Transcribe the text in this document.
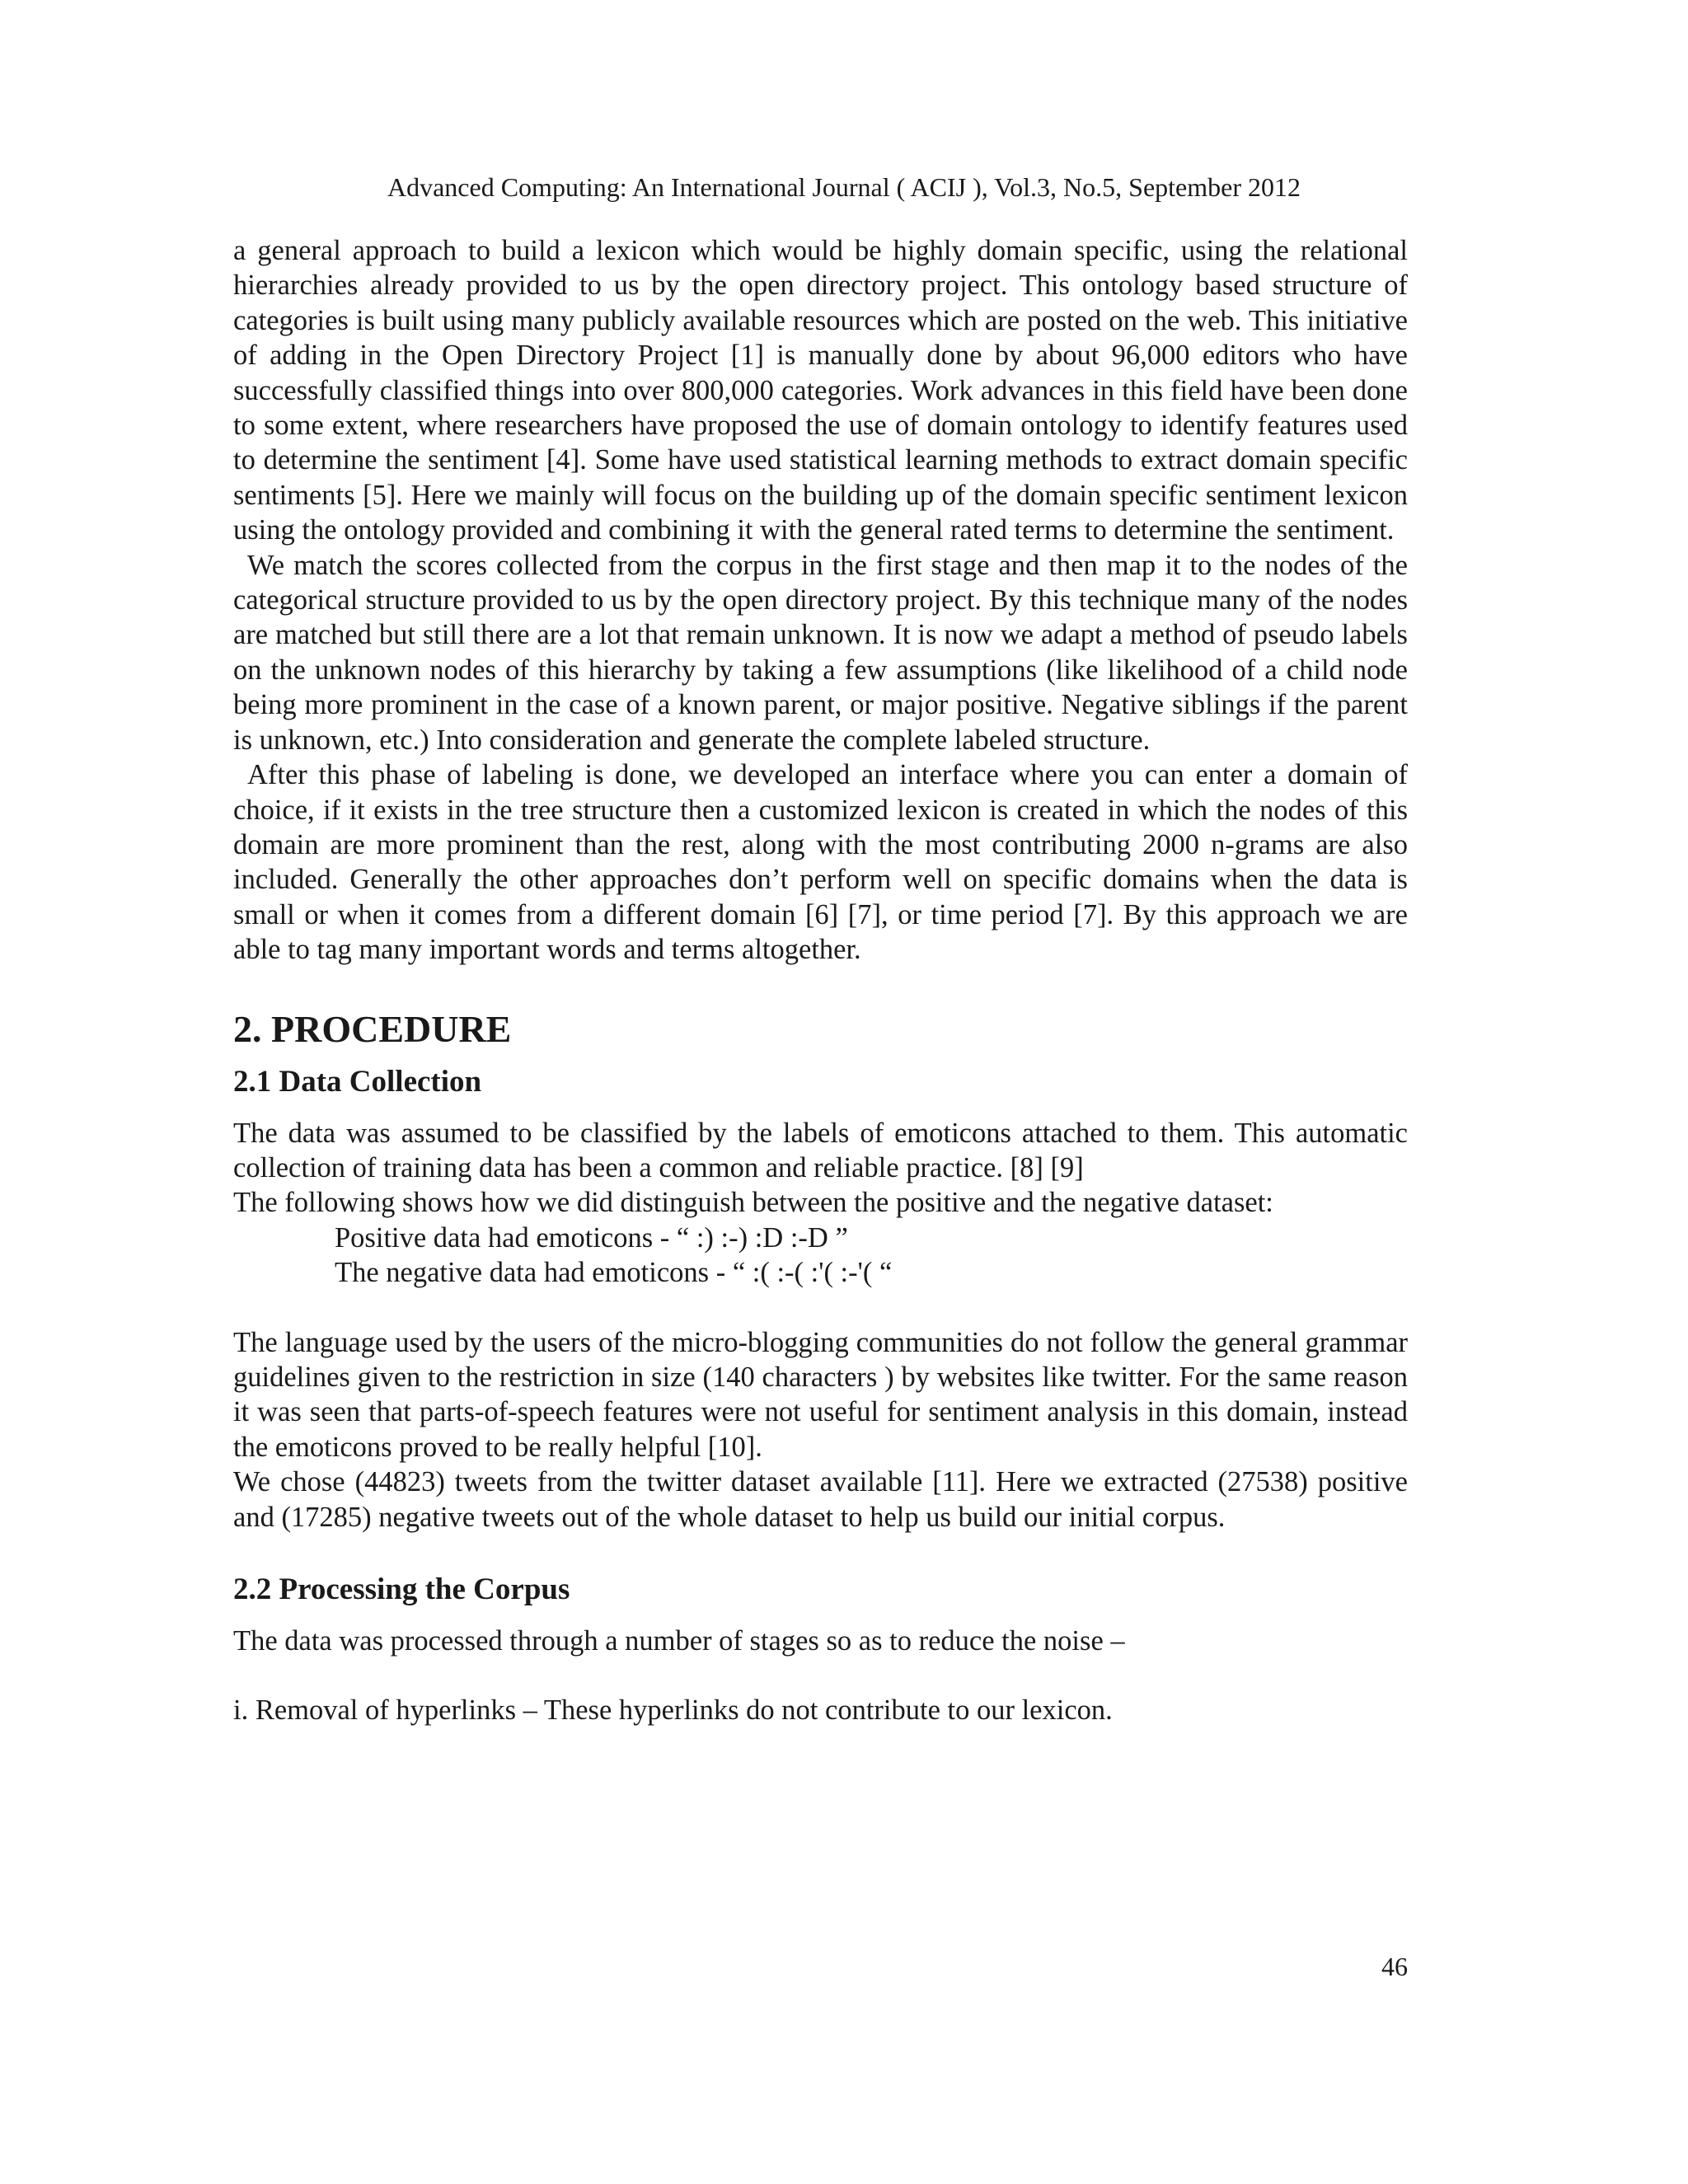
Advanced Computing: An International Journal ( ACIJ ), Vol.3, No.5, September 2012

a general approach to build a lexicon which would be highly domain specific, using the relational hierarchies already provided to us by the open directory project. This ontology based structure of categories is built using many publicly available resources which are posted on the web. This initiative of adding in the Open Directory Project [1] is manually done by about 96,000 editors who have successfully classified things into over 800,000 categories. Work advances in this field have been done to some extent, where researchers have proposed the use of domain ontology to identify features used to determine the sentiment [4]. Some have used statistical learning methods to extract domain specific sentiments [5]. Here we mainly will focus on the building up of the domain specific sentiment lexicon using the ontology provided and combining it with the general rated terms to determine the sentiment.

We match the scores collected from the corpus in the first stage and then map it to the nodes of the categorical structure provided to us by the open directory project. By this technique many of the nodes are matched but still there are a lot that remain unknown. It is now we adapt a method of pseudo labels on the unknown nodes of this hierarchy by taking a few assumptions (like likelihood of a child node being more prominent in the case of a known parent, or major positive. Negative siblings if the parent is unknown, etc.) Into consideration and generate the complete labeled structure.

After this phase of labeling is done, we developed an interface where you can enter a domain of choice, if it exists in the tree structure then a customized lexicon is created in which the nodes of this domain are more prominent than the rest, along with the most contributing 2000 n-grams are also included. Generally the other approaches don’t perform well on specific domains when the data is small or when it comes from a different domain [6] [7], or time period [7]. By this approach we are able to tag many important words and terms altogether.

2. PROCEDURE
2.1 Data Collection

The data was assumed to be classified by the labels of emoticons attached to them. This automatic collection of training data has been a common and reliable practice. [8] [9]

The following shows how we did distinguish between the positive and the negative dataset:

Positive data had emoticons - “ :) :-) :D :-D ”

The negative data had emoticons - “ :( :-( :'( :-'( “

The language used by the users of the micro-blogging communities do not follow the general grammar guidelines given to the restriction in size (140 characters ) by websites like twitter. For the same reason it was seen that parts-of-speech features were not useful for sentiment analysis in this domain, instead the emoticons proved to be really helpful [10].

We chose (44823) tweets from the twitter dataset available [11]. Here we extracted (27538) positive and (17285) negative tweets out of the whole dataset to help us build our initial corpus.

2.2 Processing the Corpus

The data was processed through a number of stages so as to reduce the noise –

i. Removal of hyperlinks – These hyperlinks do not contribute to our lexicon.

46
